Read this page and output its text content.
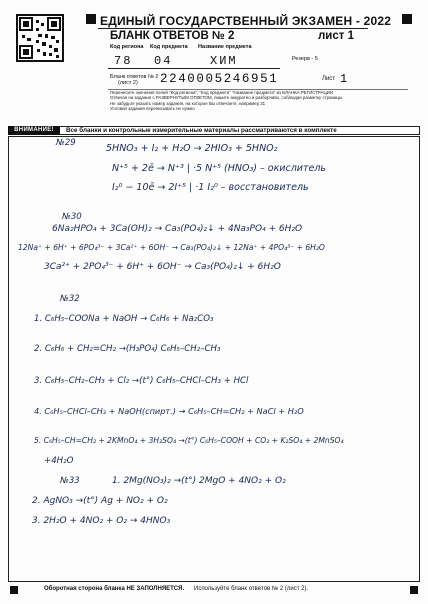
ЕДИНЫЙ ГОСУДАРСТВЕННЫЙ ЭКЗАМЕН - 2022
БЛАНК ОТВЕТОВ № 2	лист 1
Код региона Код предмета Название предмета
Резерв - 5
78 04	ХИМ
Бланк ответов № 2
(лист 2) 2240005246951	Лист 1
Перенесите значения полей "Код региона", "Код предмета" "Название предмета" из БЛАНКА РЕГИСТРАЦИИ
Отвечая на задания с РАЗВЕРНУТЫМ ОТВЕТОМ, пишите аккуратно и разборчиво, соблюдая разметку страницы
Не забудьте указать номер задания, на которое Вы отвечаете, например 31
Условия задания переписывать не нужно
ВНИМАНИЕ!	Все бланки и контрольные измерительные материалы рассматриваются в комплекте
№29	5HNO₃ + I₂ + H₂O → 2HIO₃ + 5HNO₂
N⁺⁵ + 2ē → N⁺³ | ·5 N⁺⁵ (HNO₃) – окислитель
I₂⁰ − 10ē → 2I⁺⁵ | ·1 I₂⁰ – восстановитель
№30
6Na₂HPO₄ + 3Ca(OH)₂ → Ca₃(PO₄)₂↓ + 4Na₃PO₄ + 6H₂O
12Na⁺ + 6H⁺ + 6PO₄³⁻ + 3Ca²⁺ + 6OH⁻ → Ca₃(PO₄)₂↓ + 12Na⁺ + 4PO₄³⁻ + 6H₂O
3Ca²⁺ + 2PO₄³⁻ + 6H⁺ + 6OH⁻ → Ca₃(PO₄)₂↓ + 6H₂O
№32
1. C₆H₅–COONa + NaOH → C₆H₆ + Na₂CO₃
2. C₆H₆ + CH₂=CH₂ →(H₃PO₄) C₆H₅–CH₂–CH₃
3. C₆H₅–CH₂–CH₃ + Cl₂ →(t°) C₆H₅–CHCl–CH₃ + HCl
4. C₆H₅–CHCl–CH₃ + NaOH(спирт.) → C₆H₅–CH=CH₂ + NaCl + H₂O
5. C₆H₅–CH=CH₂ + 2KMnO₄ + 3H₂SO₄ →(t°) C₆H₅–COOH + CO₂ + K₂SO₄ + 2MnSO₄
+4H₂O
№33	1. 2Mg(NO₃)₂ →(t°) 2MgO + 4NO₂ + O₂
2. AgNO₃ →(t°) Ag + NO₂ + O₂
3. 2H₂O + 4NO₂ + O₂ → 4HNO₃
Оборотная сторона бланка НЕ ЗАПОЛНЯЕТСЯ. Используйте бланк ответов № 2 (лист 2).
